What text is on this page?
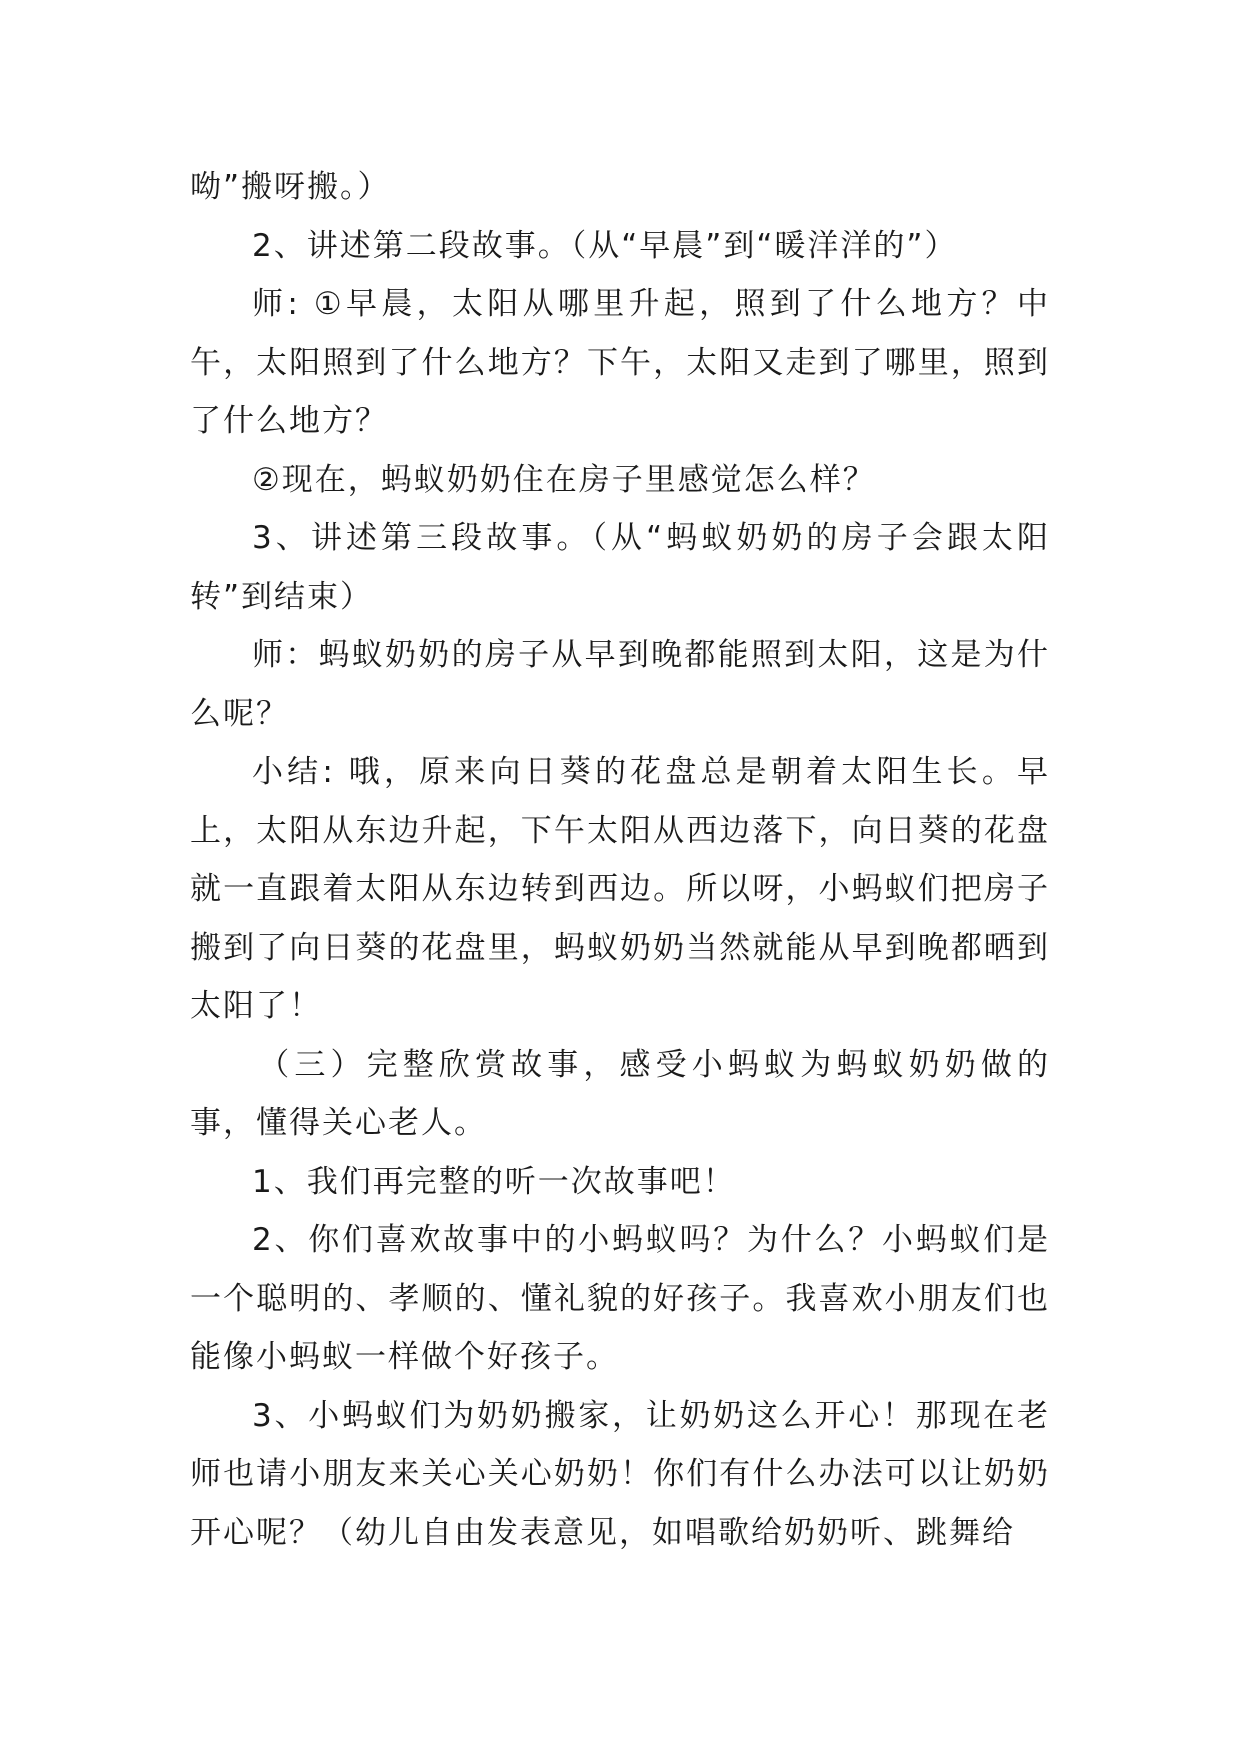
呦”搬呀搬。）

2、讲述第二段故事。（从“早晨”到“暖洋洋的”）

师: ①早晨，太阳从哪里升起，照到了什么地方？中午，太阳照到了什么地方？下午，太阳又走到了哪里，照到了什么地方？

②现在，蚂蚁奶奶住在房子里感觉怎么样？

3、讲述第三段故事。（从“蚂蚁奶奶的房子会跟太阳转”到结束）

师：蚂蚁奶奶的房子从早到晚都能照到太阳，这是为什么呢？

小结: 哦，原来向日葵的花盘总是朝着太阳生长。早上，太阳从东边升起，下午太阳从西边落下，向日葵的花盘就一直跟着太阳从东边转到西边。所以呀，小蚂蚁们把房子搬到了向日葵的花盘里，蚂蚁奶奶当然就能从早到晚都晒到太阳了！

（三）完整欣赏故事，感受小蚂蚁为蚂蚁奶奶做的事，懂得关心老人。

1、我们再完整的听一次故事吧！

2、你们喜欢故事中的小蚂蚁吗？为什么？小蚂蚁们是一个聪明的、孝顺的、懂礼貌的好孩子。我喜欢小朋友们也能像小蚂蚁一样做个好孩子。

3、小蚂蚁们为奶奶搬家，让奶奶这么开心！那现在老师也请小朋友来关心关心奶奶！你们有什么办法可以让奶奶开心呢？（幼儿自由发表意见，如唱歌给奶奶听、跳舞给
